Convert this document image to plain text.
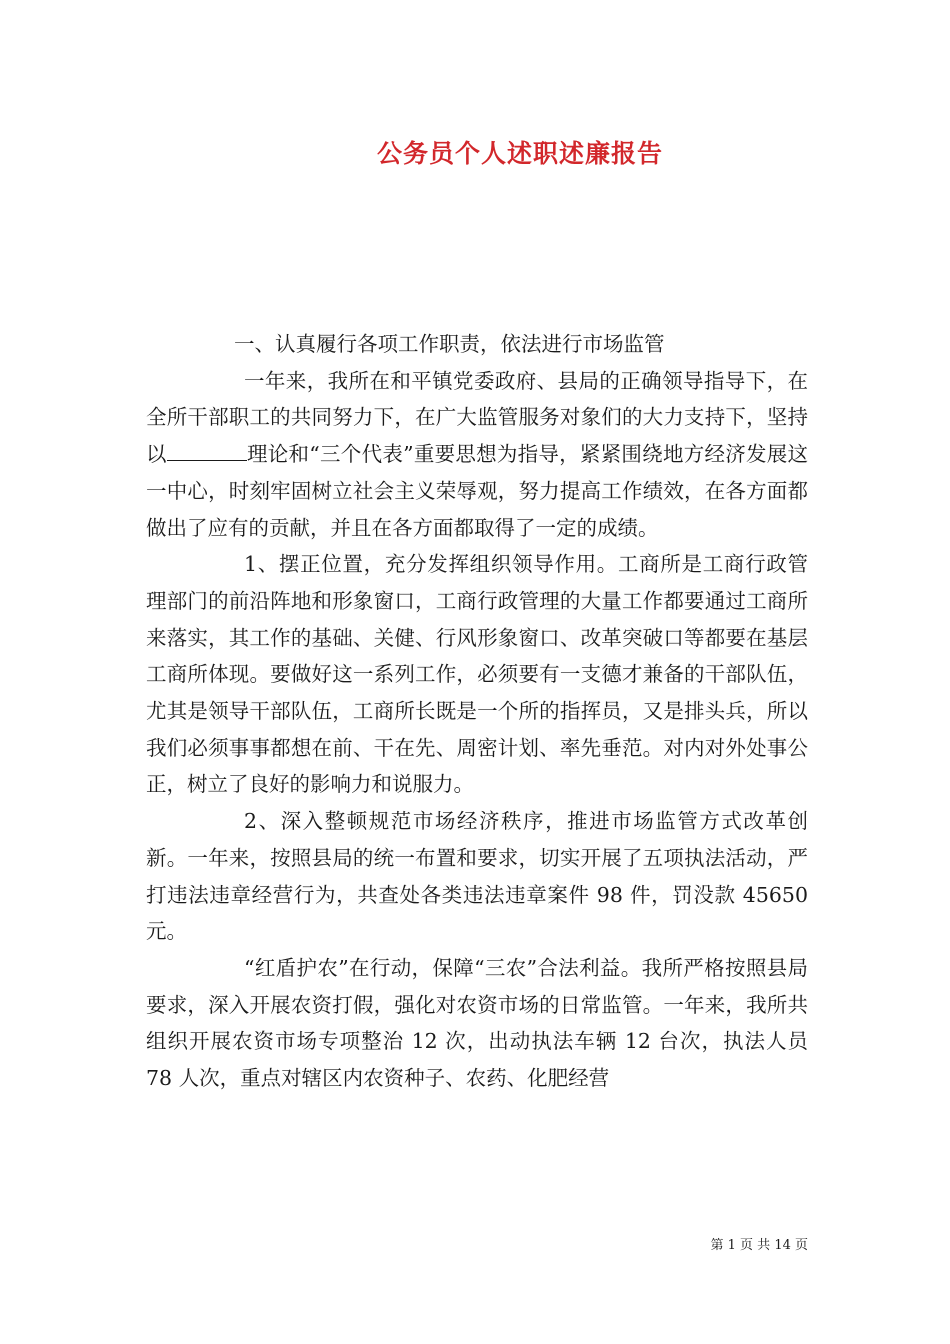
公务员个人述职述廉报告

一、认真履行各项工作职责，依法进行市场监管

一年来，我所在和平镇党委政府、县局的正确领导指导下，在全所干部职工的共同努力下，在广大监管服务对象们的大力支持下，坚持以	理论和“三个代表”重要思想为指导，紧紧围绕地方经济发展这一中心，时刻牢固树立社会主义荣辱观，努力提高工作绩效，在各方面都做出了应有的贡献，并且在各方面都取得了一定的成绩。

1、摆正位置，充分发挥组织领导作用。工商所是工商行政管理部门的前沿阵地和形象窗口，工商行政管理的大量工作都要通过工商所来落实，其工作的基础、关健、行风形象窗口、改革突破口等都要在基层工商所体现。要做好这一系列工作，必须要有一支德才兼备的干部队伍，尤其是领导干部队伍，工商所长既是一个所的指挥员，又是排头兵，所以我们必须事事都想在前、干在先、周密计划、率先垂范。对内对外处事公正，树立了良好的影响力和说服力。

2、深入整顿规范市场经济秩序，推进市场监管方式改革创新。一年来，按照县局的统一布置和要求，切实开展了五项执法活动，严打违法违章经营行为，共查处各类违法违章案件 98 件，罚没款 45650 元。

“红盾护农”在行动，保障“三农”合法利益。我所严格按照县局要求，深入开展农资打假，强化对农资市场的日常监管。一年来，我所共组织开展农资市场专项整治 12 次，出动执法车辆 12 台次，执法人员 78 人次，重点对辖区内农资种子、农药、化肥经营

第 1 页 共 14 页
